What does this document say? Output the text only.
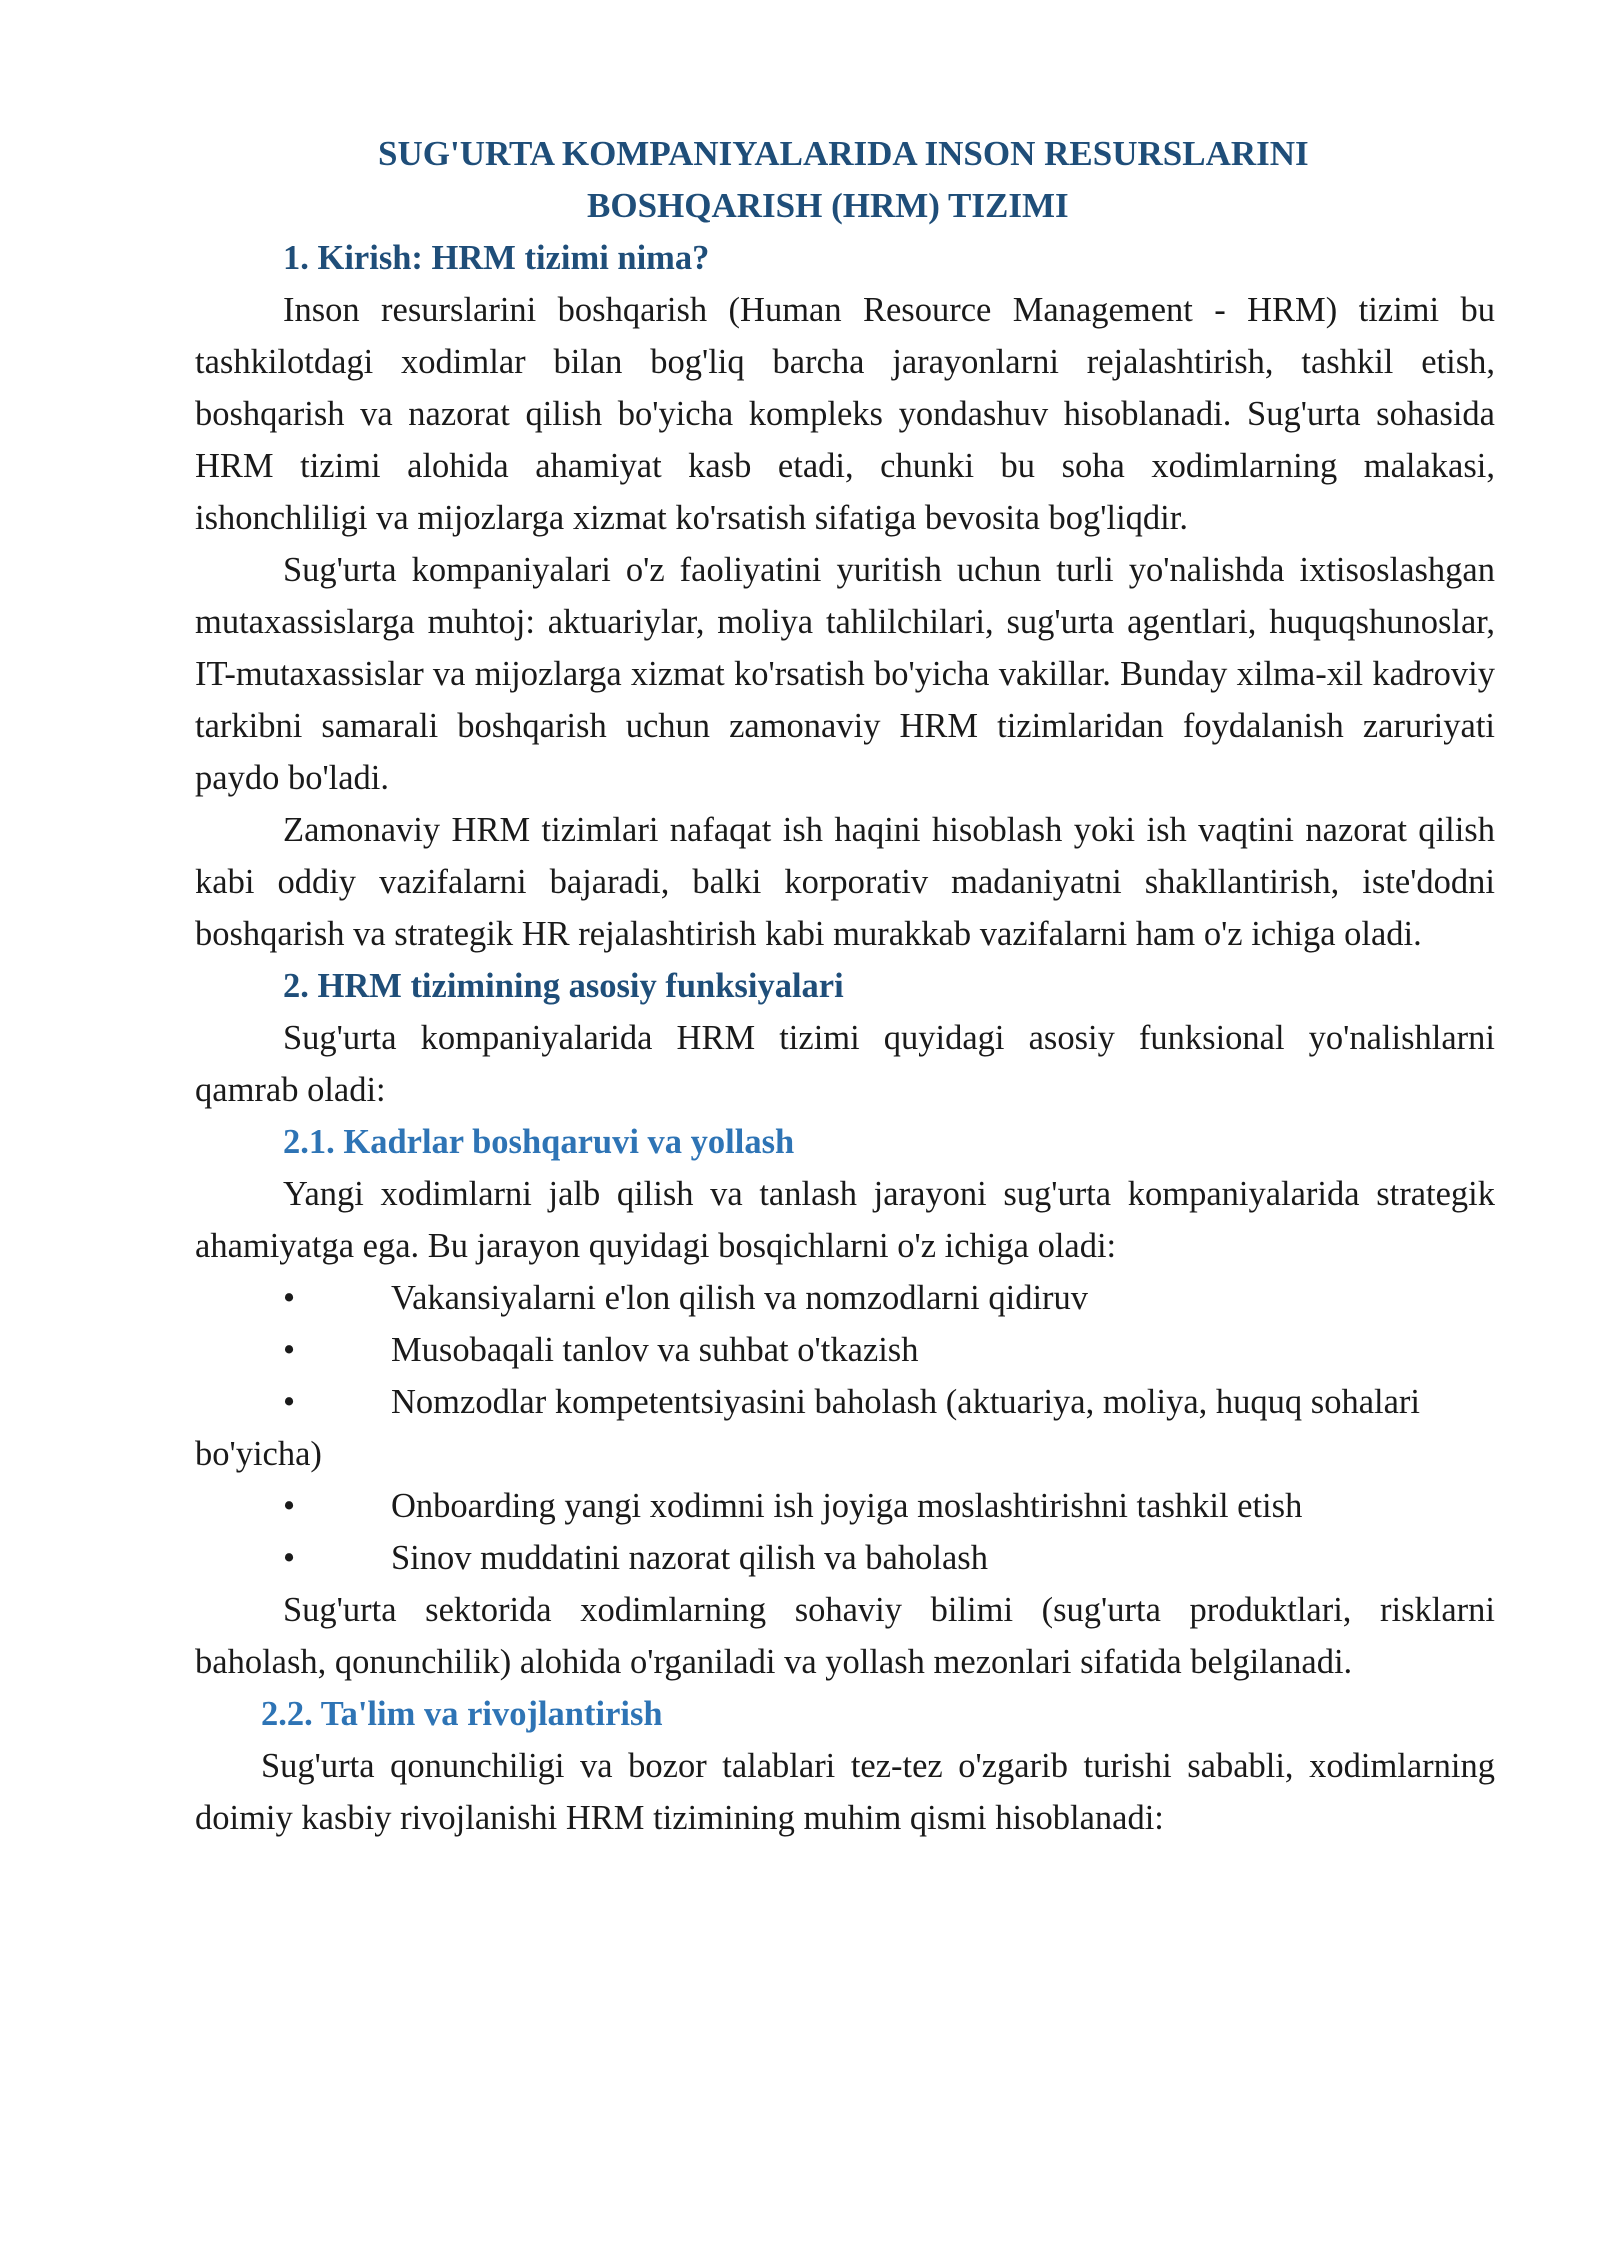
SUG'URTA KOMPANIYALARIDA INSON RESURSLARINI
BOSHQARISH (HRM) TIZIMI
1. Kirish: HRM tizimi nima?

Inson resurslarini boshqarish (Human Resource Management - HRM) tizimi bu tashkilotdagi xodimlar bilan bog'liq barcha jarayonlarni rejalashtirish, tashkil etish, boshqarish va nazorat qilish bo'yicha kompleks yondashuv hisoblanadi. Sug'urta sohasida HRM tizimi alohida ahamiyat kasb etadi, chunki bu soha xodimlarning malakasi, ishonchliligi va mijozlarga xizmat ko'rsatish sifatiga bevosita bog'liqdir.

Sug'urta kompaniyalari o'z faoliyatini yuritish uchun turli yo'nalishda ixtisoslashgan mutaxassislarga muhtoj: aktuariylar, moliya tahlilchilari, sug'urta agentlari, huquqshunoslar, IT-mutaxassislar va mijozlarga xizmat ko'rsatish bo'yicha vakillar. Bunday xilma-xil kadroviy tarkibni samarali boshqarish uchun zamonaviy HRM tizimlaridan foydalanish zaruriyati paydo bo'ladi.

Zamonaviy HRM tizimlari nafaqat ish haqini hisoblash yoki ish vaqtini nazorat qilish kabi oddiy vazifalarni bajaradi, balki korporativ madaniyatni shakllantirish, iste'dodni boshqarish va strategik HR rejalashtirish kabi murakkab vazifalarni ham o'z ichiga oladi.

2. HRM tizimining asosiy funksiyalari

Sug'urta kompaniyalarida HRM tizimi quyidagi asosiy funksional yo'nalishlarni qamrab oladi:

2.1. Kadrlar boshqaruvi va yollash

Yangi xodimlarni jalb qilish va tanlash jarayoni sug'urta kompaniyalarida strategik ahamiyatga ega. Bu jarayon quyidagi bosqichlarni o'z ichiga oladi:

•	Vakansiyalarni e'lon qilish va nomzodlarni qidiruv
•	Musobaqali tanlov va suhbat o'tkazish
•	Nomzodlar kompetentsiyasini baholash (aktuariya, moliya, huquq sohalari bo'yicha)
•	Onboarding yangi xodimni ish joyiga moslashtirishni tashkil etish
•	Sinov muddatini nazorat qilish va baholash

Sug'urta sektorida xodimlarning sohaviy bilimi (sug'urta produktlari, risklarni baholash, qonunchilik) alohida o'rganiladi va yollash mezonlari sifatida belgilanadi.

2.2. Ta'lim va rivojlantirish

Sug'urta qonunchiligi va bozor talablari tez-tez o'zgarib turishi sababli, xodimlarning doimiy kasbiy rivojlanishi HRM tizimining muhim qismi hisoblanadi:
